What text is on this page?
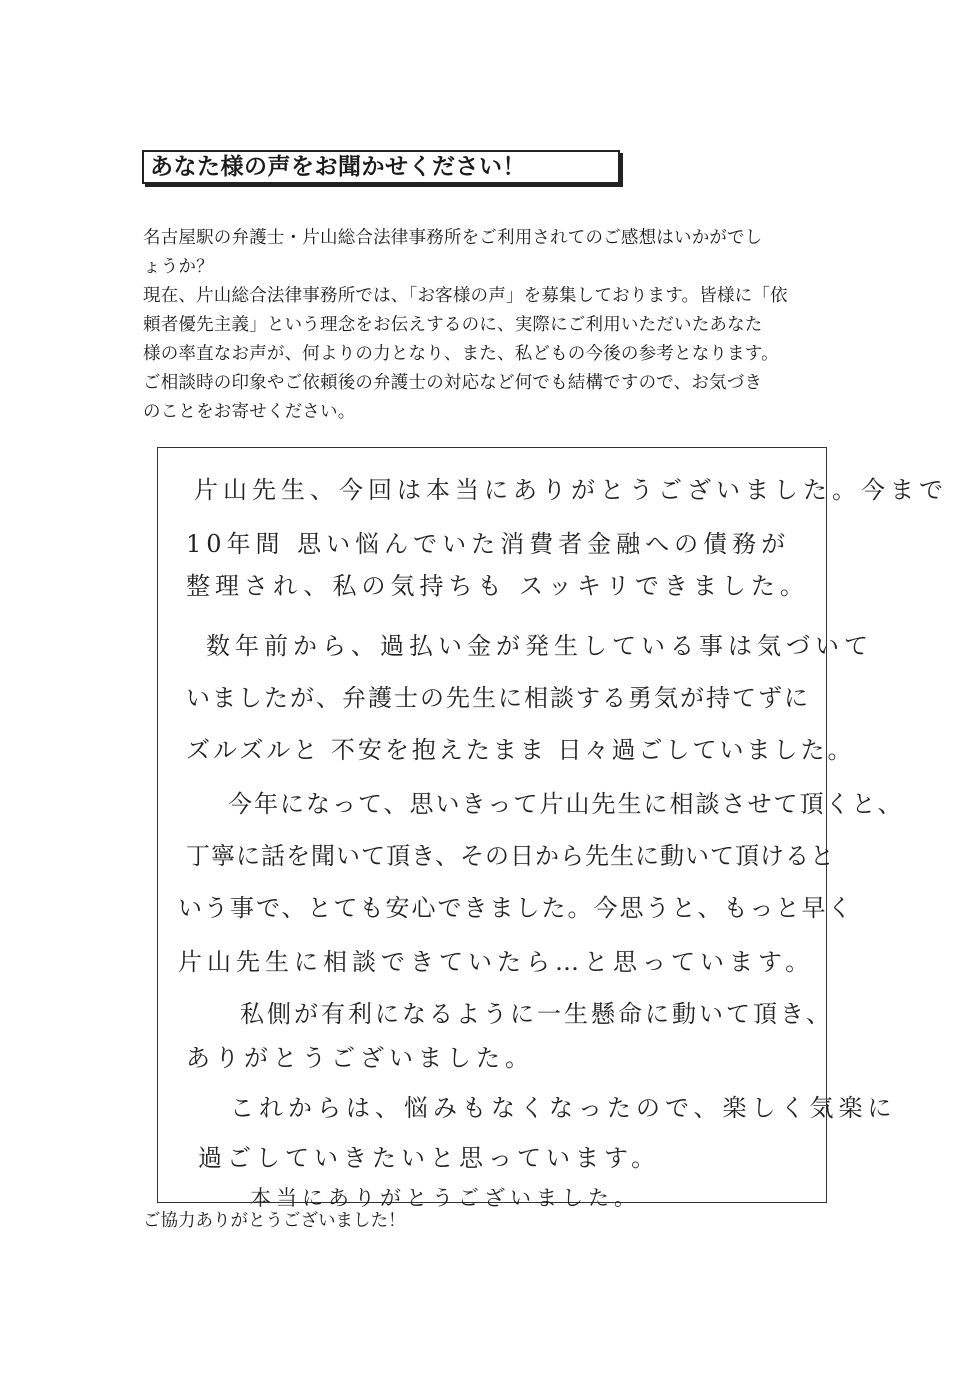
あなた様の声をお聞かせください！

名古屋駅の弁護士・片山総合法律事務所をご利用されてのご感想はいかがでし

ょうか？

現在、片山総合法律事務所では、「お客様の声」を募集しております。皆様に「依

頼者優先主義」という理念をお伝えするのに、実際にご利用いただいたあなた

様の率直なお声が、何よりの力となり、また、私どもの今後の参考となります。

ご相談時の印象やご依頼後の弁護士の対応など何でも結構ですので、お気づき

のことをお寄せください。

片山先生、今回は本当にありがとうございました。今まで

10年間 思い悩んでいた消費者金融への債務が

整理され、私の気持ちも スッキリできました。

数年前から、過払い金が発生している事は気づいて

いましたが、弁護士の先生に相談する勇気が持てずに

ズルズルと 不安を抱えたまま 日々過ごしていました。

今年になって、思いきって片山先生に相談させて頂くと、

丁寧に話を聞いて頂き、その日から先生に動いて頂けると

いう事で、とても安心できました。今思うと、もっと早く

片山先生に相談できていたら…と思っています。

私側が有利になるように一生懸命に動いて頂き、

ありがとうございました。

これからは、悩みもなくなったので、楽しく気楽に

過ごしていきたいと思っています。

本当にありがとうございました。

ご協力ありがとうございました！
